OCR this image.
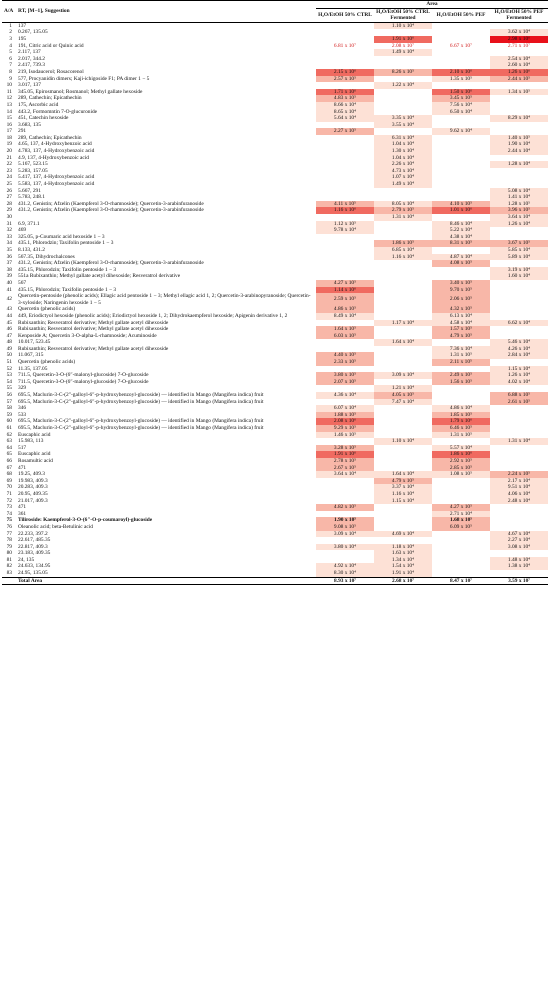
A/A	RT, [M−1], Suggestion	Area			
		H₂O/EtOH 50% CTRL	H₂O/EtOH 50% CTRL Fermented	H₂O/EtOH 50% PEF	H₂O/EtOH 50% PEF Fermented
1	137		1.10 x 10⁴		
2	0.267, 135.05				3.62 x 10⁴
3	195		1.91 x 10⁶		2.98 x 10⁶
4	191, Citric acid or Quinic acid	6.81 x 10⁷	2.08 x 10⁷	6.67 x 10⁷	2.71 x 10⁷
5	2.117, 137		1.49 x 10⁴		
6	2.017, 344.2				2.54 x 10⁴
7	2.417, 739.3				2.60 x 10⁴
8	219, Isodaucerol; Rosacorenol	2.15 x 10⁶	8.26 x 10⁵	2.10 x 10⁶	1.26 x 10⁶
9	577, Procyanidin dimers; Kaji-ichigoside F1; PA dimer 1 − 5	2.57 x 10⁵		1.35 x 10⁵	2.44 x 10⁵
10	3.017, 137		1.22 x 10⁴		
11	345.05, Epirosmanol; Rosmanol; Methyl gallate hexoside	1.71 x 10⁶		1.50 x 10⁶	1.34 x 10⁵
12	289, Cathechin; Epicathechin	4.83 x 10⁵		3.45 x 10⁵	
13	175, Ascorbic acid	8.66 x 10⁴		7.56 x 10⁴	
14	443.2, Formomntin 7-O-glucuronide	8.65 x 10⁴		6.50 x 10⁴	
15	451, Catechin hexoside	5.64 x 10⁴	3.35 x 10⁴		8.29 x 10⁴
16	3.683, 135		3.55 x 10⁴		
17	291	2.27 x 10⁵		9.62 x 10⁴	
18	289, Cathechin; Epicathechin		6.31 x 10⁴		1.40 x 10⁵
19	4.65, 137, 4-Hydroxybenzoic acid		1.04 x 10⁴		1.90 x 10⁴
20	4.783, 137, 4-Hydroxybenzoic acid		1.30 x 10⁴		2.44 x 10⁴
21	4.9, 137, 4-Hydroxybenzoic acid		1.04 x 10⁴		
22	5.167, 523.15		2.26 x 10⁴		1.28 x 10⁴
23	5.283, 157.05		4.73 x 10⁴		
24	5.417, 137, 4-Hydroxybenzoic acid		1.07 x 10⁴		
25	5.583, 137, 4-Hydroxybenzoic acid		1.49 x 10⁴		
26	5.667, 291				5.08 x 10⁴
27	5.783, 248.1				1.41 x 10⁴
28	431.2, Genistin; Afzelin (Kaempferol 3-O-rhamnoside); Quercetin-3-arabinfuranoside	4.11 x 10⁵	8.05 x 10⁴	4.10 x 10⁵	1.28 x 10⁵
29	431.2, Genistin; Afzelin (Kaempferol 3-O-rhamnoside); Quercetin-3-arabinfuranoside	1.16 x 10⁶	2.79 x 10⁵	1.01 x 10⁶	3.96 x 10⁵
30			1.31 x 10⁴		3.64 x 10⁴
31	6.9, 371.1	1.12 x 10⁵		8.46 x 10⁴	1.26 x 10⁴
32	469	9.78 x 10⁴		5.22 x 10⁴	
33	325.05, p-Coumaric acid hexoside 1 − 3			4.38 x 10⁴	
34	435.1, Phlorodzin; Taxifolin pentoside 1 − 3		1.86 x 10⁵	8.31 x 10⁵	3.67 x 10⁵
35	8.133, 431.2		6.85 x 10⁴		5.85 x 10⁴
36	567.35, Dihydrochalcones		1.16 x 10⁴	4.87 x 10⁴	5.89 x 10⁴
37	431.2, Genistin; Afzelin (Kaempferol 3-O-rhamnoside); Quercetin-3-arabinfuranoside			4.08 x 10⁵	
38	435.15, Phlorodzin; Taxifolin pentoside 1 − 3				3.19 x 10⁴
39	551a Rubixanthin; Methyl gallate acetyl dihexoside; Resveratrol derivative				1.60 x 10⁴
40	567	4.27 x 10⁵		3.40 x 10⁵	
41	435.15, Phlorodzin; Taxifolin pentoside 1 − 3	1.14 x 10⁶		9.70 x 10⁵	
42	Quercetin-pentoside (phenolic acids); Ellagic acid pentoside 1 − 3; Methyl ellagic acid 1, 2; Quercetin-3-arabinopyranoside; Quercetin-3-xyloside; Naringenin hexoside 1 − 5	2.59 x 10⁵		2.06 x 10⁵	
43	Quercetin (phenolic acids)	4.86 x 10⁵		4.32 x 10⁵	
44	449, Eriodictyol hexoside (phenolic acids); Eriodictyol hexoside 1, 2; Dihydrokaempferol hexoside; Apigenin derivative 1, 2	8.49 x 10⁴		6.13 x 10⁴	
45	Rubixanthin; Resveratrol derivative; Methyl gallate acetyl dihexoside		1.17 x 10⁴	4.58 x 10⁴	6.62 x 10⁴
46	Rubixanthin; Resveratrol derivative; Methyl gallate acetyl dihexoside	1.64 x 10⁵		1.57 x 10⁵	
47	Kenposide A; Quercetin 3-O-alpha-L-rhamnoside; Acuminoside	6.03 x 10⁵		4.79 x 10⁵	
48	10.017, 523.45		1.64 x 10⁴		5.46 x 10⁴
49	Rubixanthin; Resveratrol derivative; Methyl gallate acetyl dihexoside			7.36 x 10⁴	4.26 x 10⁴
50	11.067, 315	4.40 x 10⁵		1.31 x 10⁵	2.84 x 10⁴
51	Quercetin (phenolic acids)	2.33 x 10⁵		2.11 x 10⁵	
52	11.35, 137.05				1.15 x 10⁴
53	711.5, Quercetin-3-O-(6″-malonyl-glucoside) 7-O-glucoside	3.80 x 10⁵	3.09 x 10⁴	2.49 x 10⁵	1.26 x 10⁴
54	711.5, Quercetin-3-O-(6″-malonyl-glucoside) 7-O-glucoside	2.07 x 10⁵		1.56 x 10⁵	4.02 x 10⁴
55	329		1.21 x 10⁴		
56	695.5, Maclurin-3-C-(2″-galloyl-6″-p-hydroxybenzoyl-glucoside) — identified in Mango (Mangifera indica) fruit	4.36 x 10⁴	4.05 x 10⁵		6.88 x 10⁵
57	695.5, Maclurin-3-C-(2″-galloyl-6″-p-hydroxybenzoyl-glucoside) — identified in Mango (Mangifera indica) fruit		7.47 x 10⁴		2.61 x 10⁵
58	346	6.07 x 10⁴		4.86 x 10⁴	
59	533	1.88 x 10⁵		1.85 x 10⁵	
60	695.5, Maclurin-3-C-(2″-galloyl-6″-p-hydroxybenzoyl-glucoside) — identified in Mango (Mangifera indica) fruit	2.08 x 10⁶		1.79 x 10⁶	
61	695.5, Maclurin-3-C-(2″-galloyl-6″-p-hydroxybenzoyl-glucoside) — identified in Mango (Mangifera indica) fruit	9.29 x 10⁵		6.46 x 10⁵	
62	Euscaphic acid	1.46 x 10⁵		1.31 x 10⁵	
63	15.983, 113		1.10 x 10⁴		1.31 x 10⁴
64	517	3.28 x 10⁵		5.57 x 10⁴	
65	Euscaphic acid	1.91 x 10⁶		1.86 x 10⁶	
66	Rosamultic acid	2.78 x 10⁵		2.92 x 10⁵	
67	471	2.67 x 10⁵		2.85 x 10⁵	
68	19.25, 409.3	3.64 x 10⁴	1.64 x 10⁴	1.08 x 10⁵	2.24 x 10⁵
69	19.983, 409.3		4.79 x 10⁵		2.17 x 10⁴
70	20.283, 409.3		3.37 x 10⁴		9.51 x 10⁴
71	20.95, 409.35		1.16 x 10⁴		4.06 x 10⁴
72	21.017, 409.3		1.15 x 10⁴		2.48 x 10⁴
73	471	4.82 x 10⁵		4.27 x 10⁵	
74	361			2.71 x 10⁴	
75	Tiliroside: Kaempferol-3-O-(6″-O-p-coumaroyl)-glucoside	1.90 x 10⁵		1.68 x 10⁵	
76	Oleanolic acid; beta-Betulinic acid	9.08 x 10⁵		6.09 x 10⁵	
77	22.233, 397.2	3.09 x 10⁴	4.69 x 10⁴		4.67 x 10⁴
78	22.617, 485.35				2.27 x 10⁴
79	22.817, 409.3	3.80 x 10⁴	1.18 x 10⁴		3.08 x 10⁴
80	23.183, 409.35		1.63 x 10⁴		
81	24, 135		1.34 x 10⁴		1.48 x 10⁴
82	24.633, 134.95	4.92 x 10⁴	1.54 x 10⁴		1.38 x 10⁴
83	24.95, 135.05	8.30 x 10⁴	1.91 x 10⁴		
	Total Area	8.93 x 10⁷	2.68 x 10⁷	8.47 x 10⁷	3.59 x 10⁷
